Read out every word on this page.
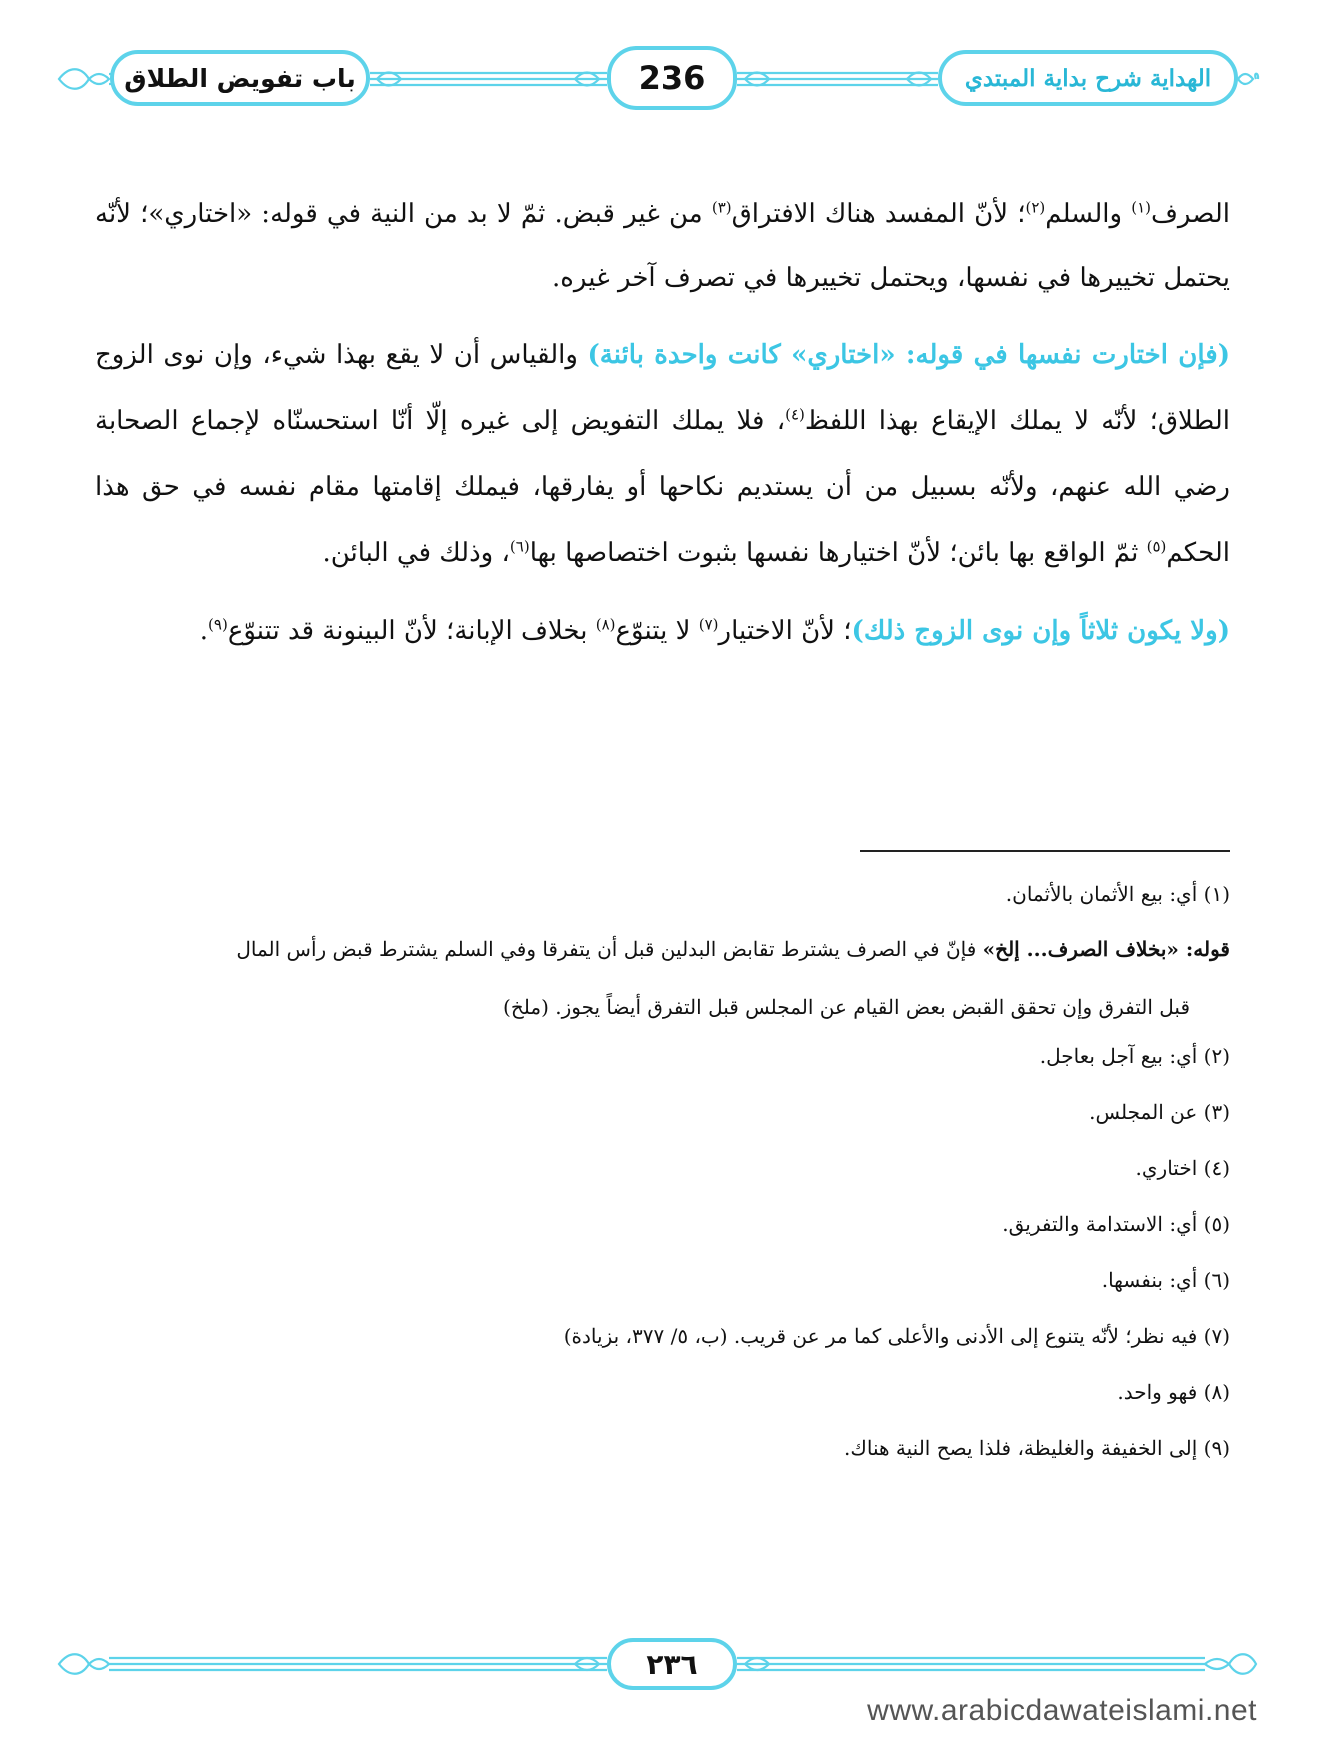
باب تفويض الطلاق	236	الهداية شرح بداية المبتدي

الصرف$^{(١)}$ والسلم$^{(٢)}$؛ لأنّ المفسد هناك الافتراق$^{(٣)}$ من غير قبض. ثمّ لا بد من النية في قوله: «اختاري»؛ لأنّه يحتمل تخييرها في نفسها، ويحتمل تخييرها في تصرف آخر غيره.

(فإن اختارت نفسها في قوله: «اختاري» كانت واحدة بائنة) والقياس أن لا يقع بهذا شيء، وإن نوى الزوج الطلاق؛ لأنّه لا يملك الإيقاع بهذا اللفظ$^{(٤)}$، فلا يملك التفويض إلى غيره إلّا أنّا استحسنّاه لإجماع الصحابة رضي الله عنهم، ولأنّه بسبيل من أن يستديم نكاحها أو يفارقها، فيملك إقامتها مقام نفسه في حق هذا الحكم$^{(٥)}$ ثمّ الواقع بها بائن؛ لأنّ اختيارها نفسها بثبوت اختصاصها بها$^{(٦)}$، وذلك في البائن.

(ولا يكون ثلاثاً وإن نوى الزوج ذلك)؛ لأنّ الاختيار$^{(٧)}$ لا يتنوّع$^{(٨)}$ بخلاف الإبانة؛ لأنّ البينونة قد تتنوّع$^{(٩)}$.

(١) أي: بيع الأثمان بالأثمان.
قوله: «بخلاف الصرف... إلخ» فإنّ في الصرف يشترط تقابض البدلين قبل أن يتفرقا وفي السلم يشترط قبض رأس المال
قبل التفرق وإن تحقق القبض بعض القيام عن المجلس قبل التفرق أيضاً يجوز. (ملخ)
(٢) أي: بيع آجل بعاجل.
(٣) عن المجلس.
(٤) اختاري.
(٥) أي: الاستدامة والتفريق.
(٦) أي: بنفسها.
(٧) فيه نظر؛ لأنّه يتنوع إلى الأدنى والأعلى كما مر عن قريب. (ب، ٥/ ٣٧٧، بزيادة)
(٨) فهو واحد.
(٩) إلى الخفيفة والغليظة، فلذا يصح النية هناك.
٢٣٦
www.arabicdawateislami.net
